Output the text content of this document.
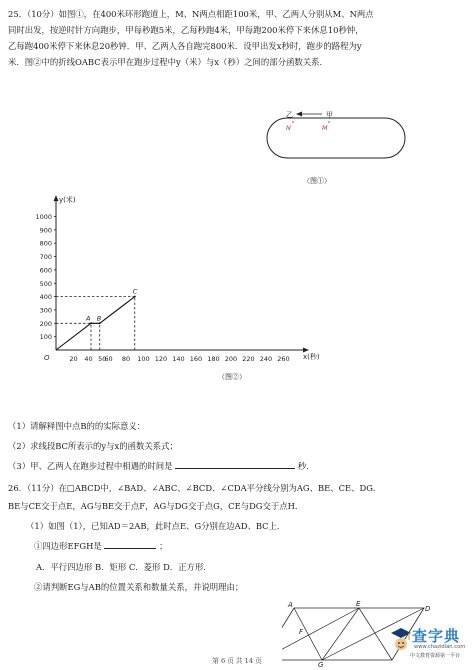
25．（10分）如图①，在400米环形跑道上，M、N两点相距100米，甲、乙两人分别从M、N两点
同时出发，按逆时针方向跑步，甲每秒跑5米，乙每秒跑4米，甲每跑200米停下来休息10秒钟，
乙每跑400米停下来休息20秒钟．甲、乙两人各自跑完800米．设甲出发x秒时，跑步的路程为y
米．图②中的折线OABC表示甲在跑步过程中y（米）与x（秒）之间的部分函数关系．
乙	甲
N	M
（图①）
y(米)
x(秒)
O
100
200
300
400
500
600
700
800
900
1000
20 40 50
60 80 100 120 140 160 180 200 220 240 260
A B
C
（图②）
（1）请解释图中点B的的实际意义：
（2）求线段BC所表示的y与x的函数关系式；
（3）甲、乙两人在跑步过程中相遇的时间是	秒．
26．（11分）在□ABCD中，∠BAD、∠ABC、∠BCD、∠CDA平分线分别为AG、BE、CE、DG．
BE与CE交于点E，AG与BE交于点F，AG与DG交于点G，CE与DG交于点H．
（1）如图（1），已知AD＝2AB，此时点E、G分别在边AD、BC上．
①四边形EFGH是	；
A．平行四边形 B．矩形 C．菱形 D．正方形．
②请判断EG与AB的位置关系和数量关系，并说明理由；
A	E
D
F
G
第 6 页 共 14 页
查字典
www.chazidian.com
中文教育资源第一平台
